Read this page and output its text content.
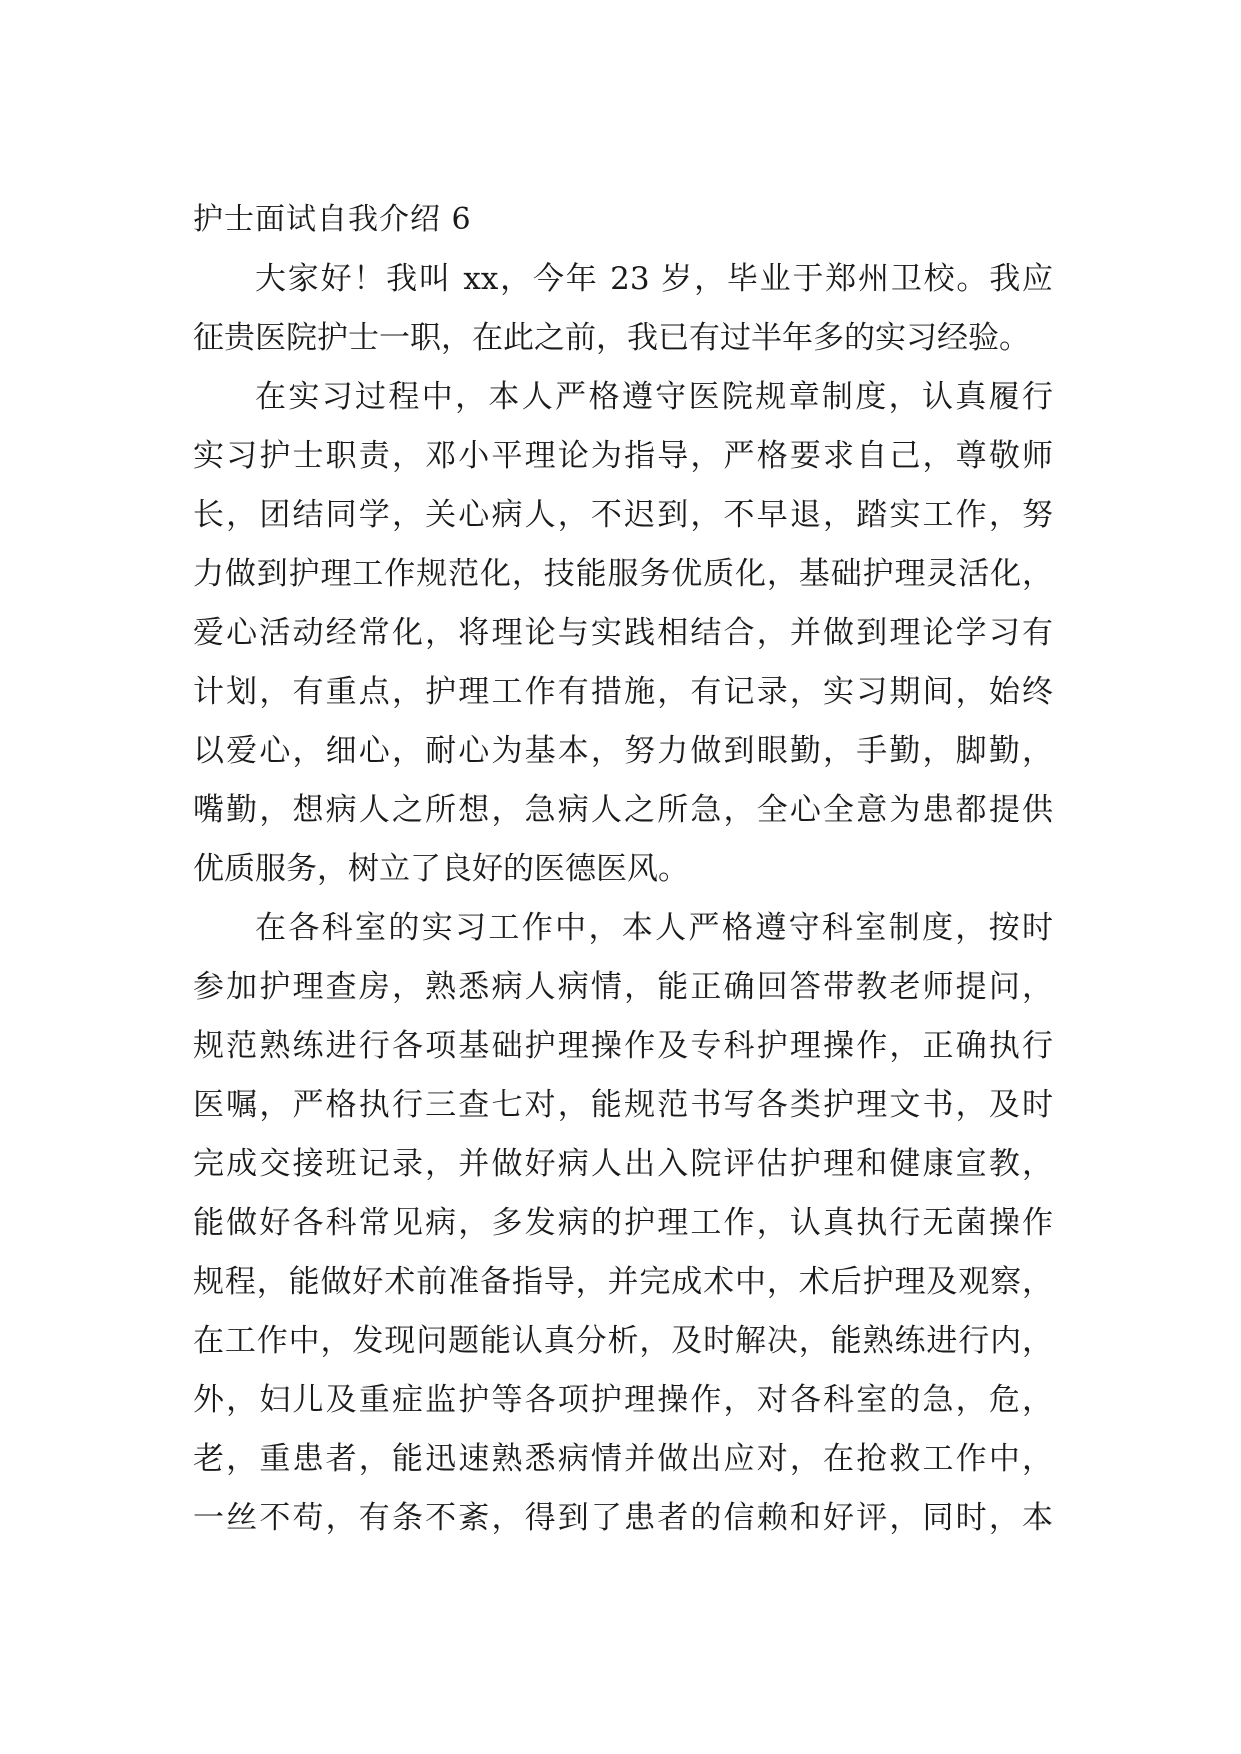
护士面试自我介绍 6
大家好！我叫 xx，今年 23 岁，毕业于郑州卫校。我应
征贵医院护士一职，在此之前，我已有过半年多的实习经验。
在实习过程中，本人严格遵守医院规章制度，认真履行
实习护士职责，邓小平理论为指导，严格要求自己，尊敬师
长，团结同学，关心病人，不迟到，不早退，踏实工作，努
力做到护理工作规范化，技能服务优质化，基础护理灵活化，
爱心活动经常化，将理论与实践相结合，并做到理论学习有
计划，有重点，护理工作有措施，有记录，实习期间，始终
以爱心，细心，耐心为基本，努力做到眼勤，手勤，脚勤，
嘴勤，想病人之所想，急病人之所急，全心全意为患都提供
优质服务，树立了良好的医德医风。
在各科室的实习工作中，本人严格遵守科室制度，按时
参加护理查房，熟悉病人病情，能正确回答带教老师提问，
规范熟练进行各项基础护理操作及专科护理操作，正确执行
医嘱，严格执行三查七对，能规范书写各类护理文书，及时
完成交接班记录，并做好病人出入院评估护理和健康宣教，
能做好各科常见病，多发病的护理工作，认真执行无菌操作
规程，能做好术前准备指导，并完成术中，术后护理及观察，
在工作中，发现问题能认真分析，及时解决，能熟练进行内，
外，妇儿及重症监护等各项护理操作，对各科室的急，危，
老，重患者，能迅速熟悉病情并做出应对，在抢救工作中，
一丝不苟，有条不紊，得到了患者的信赖和好评，同时，本
